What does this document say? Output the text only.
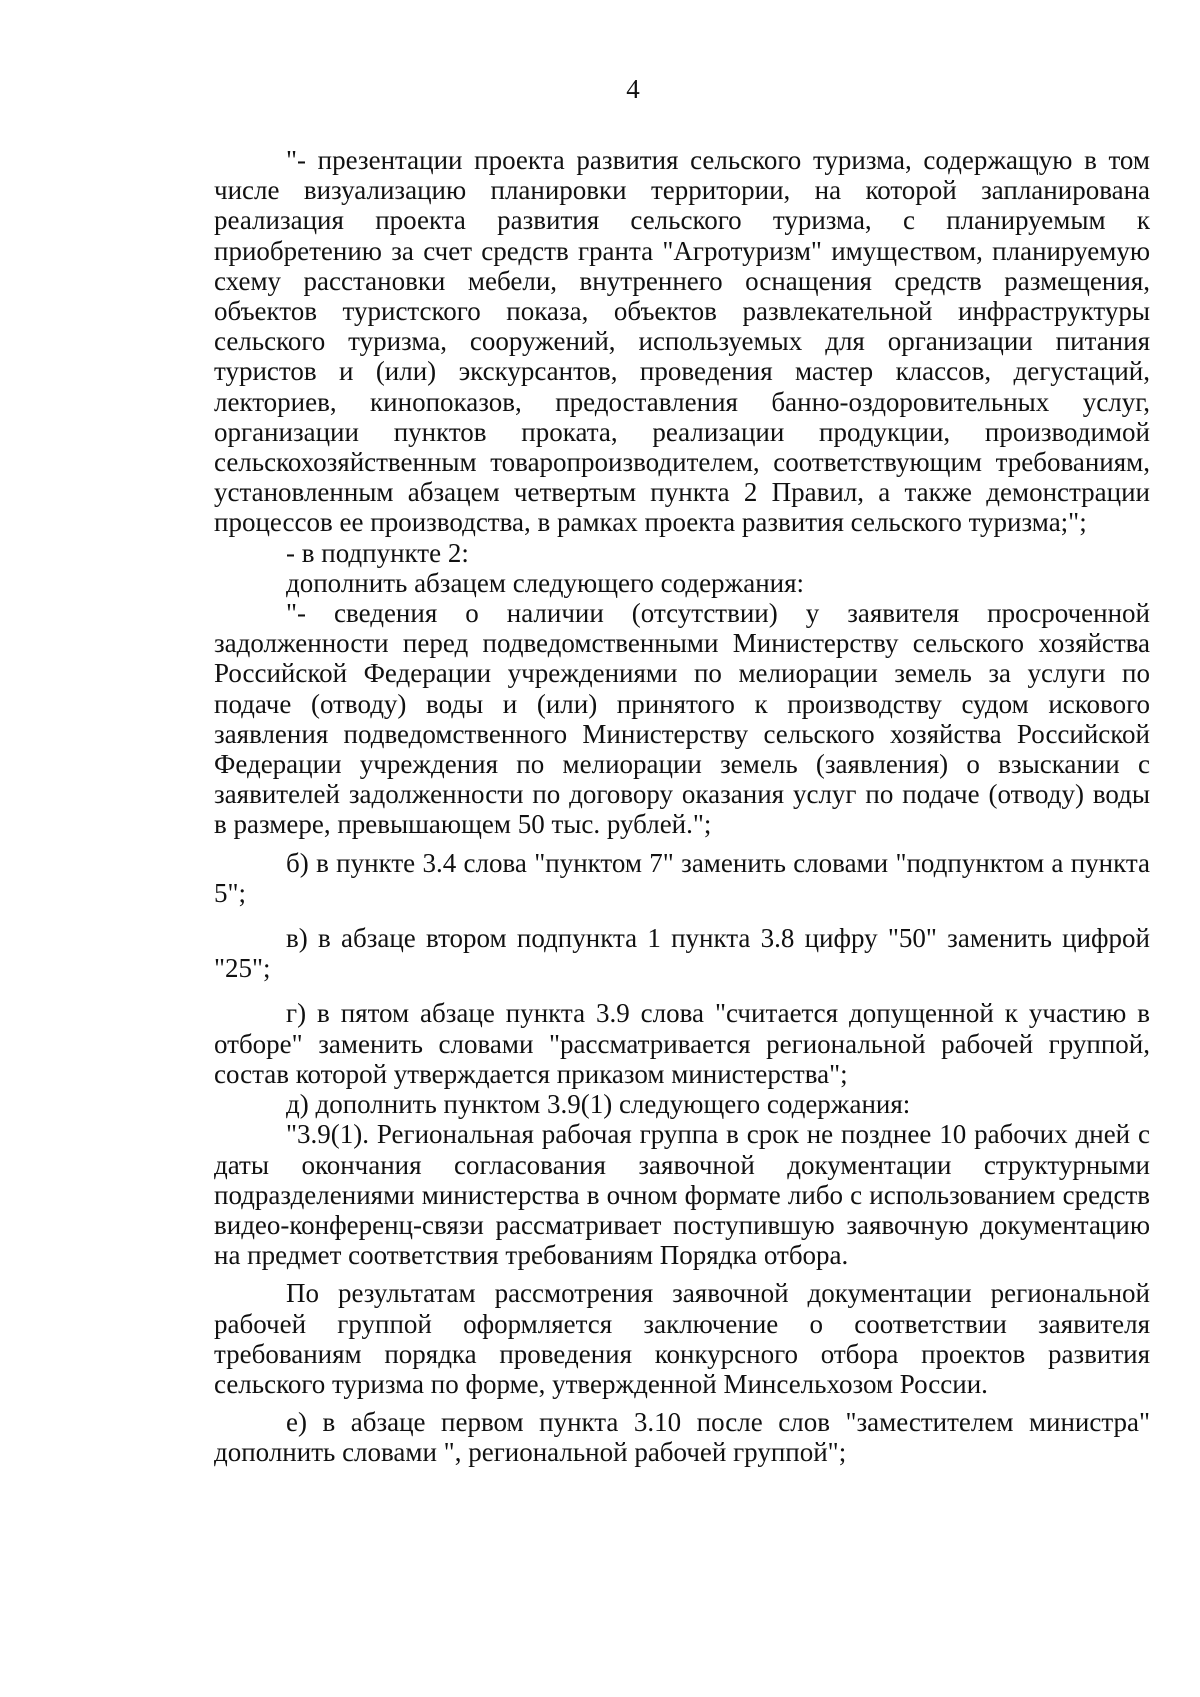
4

"- презентации проекта развития сельского туризма, содержащую в том числе визуализацию планировки территории, на которой запланирована реализация проекта развития сельского туризма, с планируемым к приобретению за счет средств гранта "Агротуризм" имуществом, планируемую схему расстановки мебели, внутреннего оснащения средств размещения, объектов туристского показа, объектов развлекательной инфраструктуры сельского туризма, сооружений, используемых для организации питания туристов и (или) экскурсантов, проведения мастер классов, дегустаций, лекториев, кинопоказов, предоставления банно-оздоровительных услуг, организации пунктов проката, реализации продукции, производимой сельскохозяйственным товаропроизводителем, соответствующим требованиям, установленным абзацем четвертым пункта 2 Правил, а также демонстрации процессов ее производства, в рамках проекта развития сельского туризма;";

- в подпункте 2:

дополнить абзацем следующего содержания:

"- сведения о наличии (отсутствии) у заявителя просроченной задолженности перед подведомственными Министерству сельского хозяйства Российской Федерации учреждениями по мелиорации земель за услуги по подаче (отводу) воды и (или) принятого к производству судом искового заявления подведомственного Министерству сельского хозяйства Российской Федерации учреждения по мелиорации земель (заявления) о взыскании с заявителей задолженности по договору оказания услуг по подаче (отводу) воды в размере, превышающем 50 тыс. рублей.";

б) в пункте 3.4 слова "пунктом 7" заменить словами "подпунктом а пункта 5";

в) в абзаце втором подпункта 1 пункта 3.8 цифру "50" заменить цифрой "25";

г) в пятом абзаце пункта 3.9 слова "считается допущенной к участию в отборе" заменить словами "рассматривается региональной рабочей группой, состав которой утверждается приказом министерства";

д) дополнить пунктом 3.9(1) следующего содержания:

"3.9(1). Региональная рабочая группа в срок не позднее 10 рабочих дней с даты окончания согласования заявочной документации структурными подразделениями министерства в очном формате либо с использованием средств видео-конференц-связи рассматривает поступившую заявочную документацию на предмет соответствия требованиям Порядка отбора.

По результатам рассмотрения заявочной документации региональной рабочей группой оформляется заключение о соответствии заявителя требованиям порядка проведения конкурсного отбора проектов развития сельского туризма по форме, утвержденной Минсельхозом России.

е) в абзаце первом пункта 3.10 после слов "заместителем министра" дополнить словами ", региональной рабочей группой";
